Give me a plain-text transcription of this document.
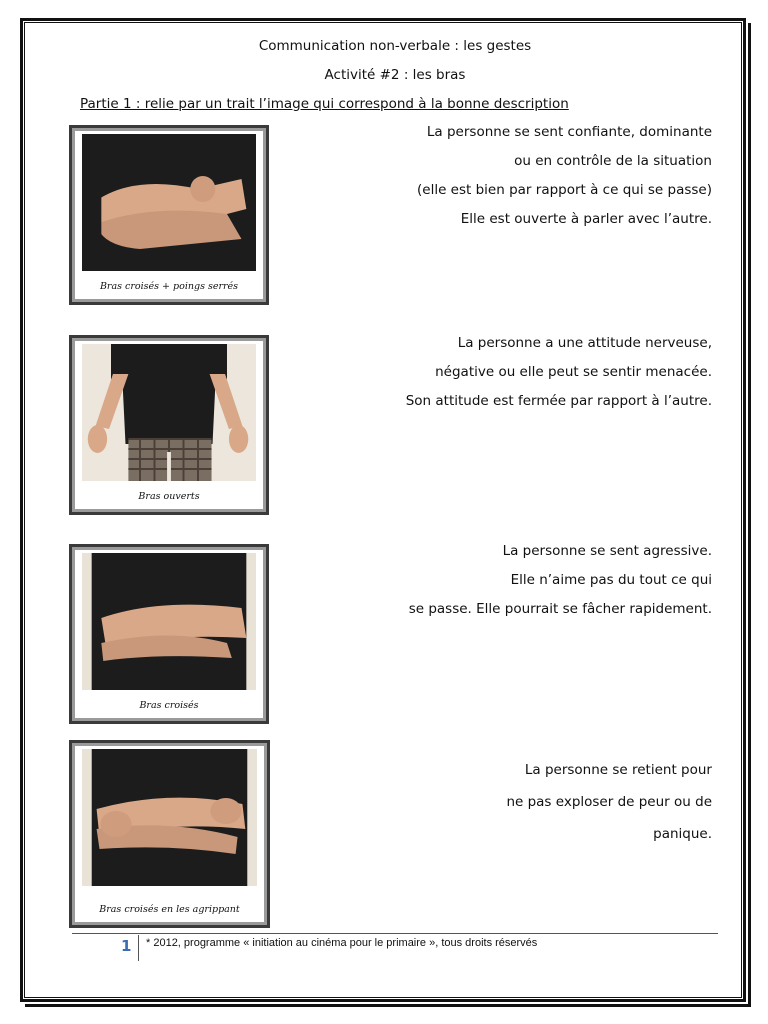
Communication non-verbale : les gestes
Activité #2 : les bras
Partie 1 : relie par un trait l’image qui correspond à la bonne description
Bras croisés + poings serrés
Bras ouverts
Bras croisés
Bras croisés en les agrippant
La personne se sent confiante, dominante
ou en contrôle de la situation
(elle est bien par rapport à ce qui se passe)
Elle est ouverte à parler avec l’autre.
La personne a une attitude nerveuse,
négative ou elle peut se sentir menacée.
Son attitude est fermée par rapport à l’autre.
La personne se sent agressive.
Elle n’aime pas du tout ce qui
se passe. Elle pourrait se fâcher rapidement.
La personne se retient pour
ne pas exploser de peur ou de
panique.
1 * 2012, programme « initiation au cinéma pour le primaire », tous droits réservés
